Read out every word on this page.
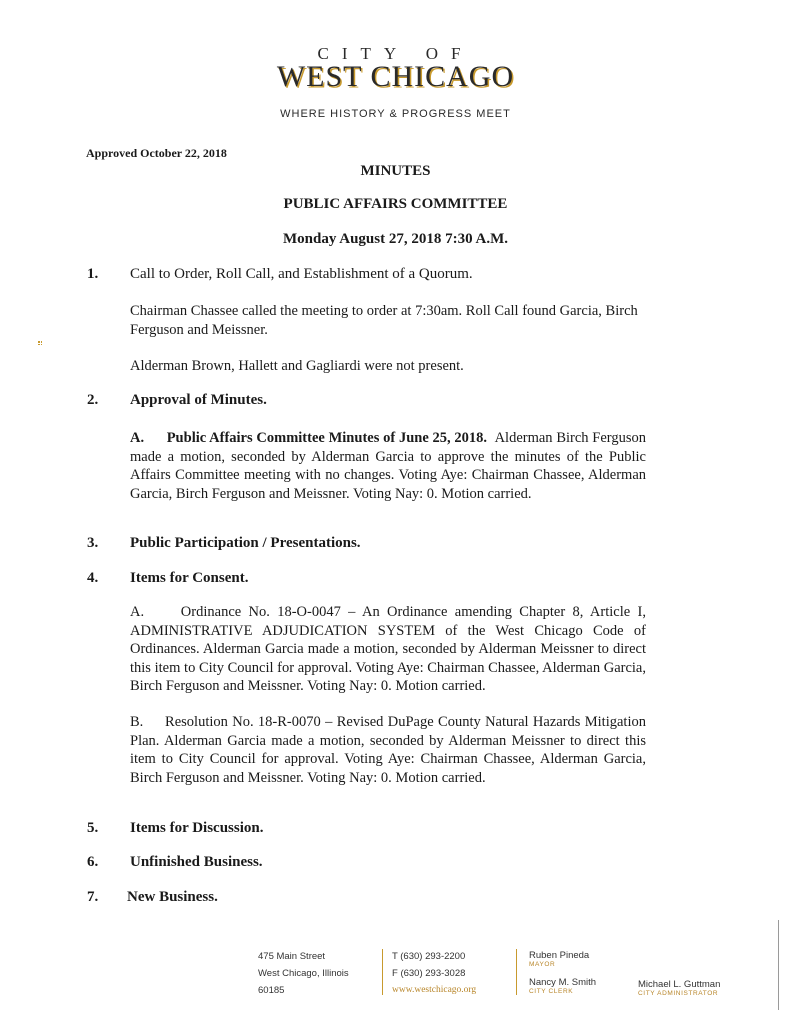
CITY OF
WEST CHICAGO
WHERE HISTORY & PROGRESS MEET
Approved October 22, 2018
MINUTES
PUBLIC AFFAIRS COMMITTEE
Monday August 27, 2018 7:30 A.M.
1. Call to Order, Roll Call, and Establishment of a Quorum.
Chairman Chassee called the meeting to order at 7:30am. Roll Call found Garcia, Birch Ferguson and Meissner.
Alderman Brown, Hallett and Gagliardi were not present.
2. Approval of Minutes.
A. Public Affairs Committee Minutes of June 25, 2018. Alderman Birch Ferguson made a motion, seconded by Alderman Garcia to approve the minutes of the Public Affairs Committee meeting with no changes. Voting Aye: Chairman Chassee, Alderman Garcia, Birch Ferguson and Meissner. Voting Nay: 0. Motion carried.
3. Public Participation / Presentations.
4. Items for Consent.
A.     Ordinance No. 18-O-0047 – An Ordinance amending Chapter 8, Article I, ADMINISTRATIVE ADJUDICATION SYSTEM of the West Chicago Code of Ordinances. Alderman Garcia made a motion, seconded by Alderman Meissner to direct this item to City Council for approval. Voting Aye: Chairman Chassee, Alderman Garcia, Birch Ferguson and Meissner. Voting Nay: 0. Motion carried.
B.     Resolution No. 18-R-0070 – Revised DuPage County Natural Hazards Mitigation Plan. Alderman Garcia made a motion, seconded by Alderman Meissner to direct this item to City Council for approval. Voting Aye: Chairman Chassee, Alderman Garcia, Birch Ferguson and Meissner. Voting Nay: 0. Motion carried.
5. Items for Discussion.
6. Unfinished Business.
7. New Business.
475 Main Street
West Chicago, Illinois
60185
T (630) 293-2200
F (630) 293-3028
www.westchicago.org
Ruben Pineda
MAYOR
Nancy M. Smith
CITY CLERK
Michael L. Guttman
CITY ADMINISTRATOR
